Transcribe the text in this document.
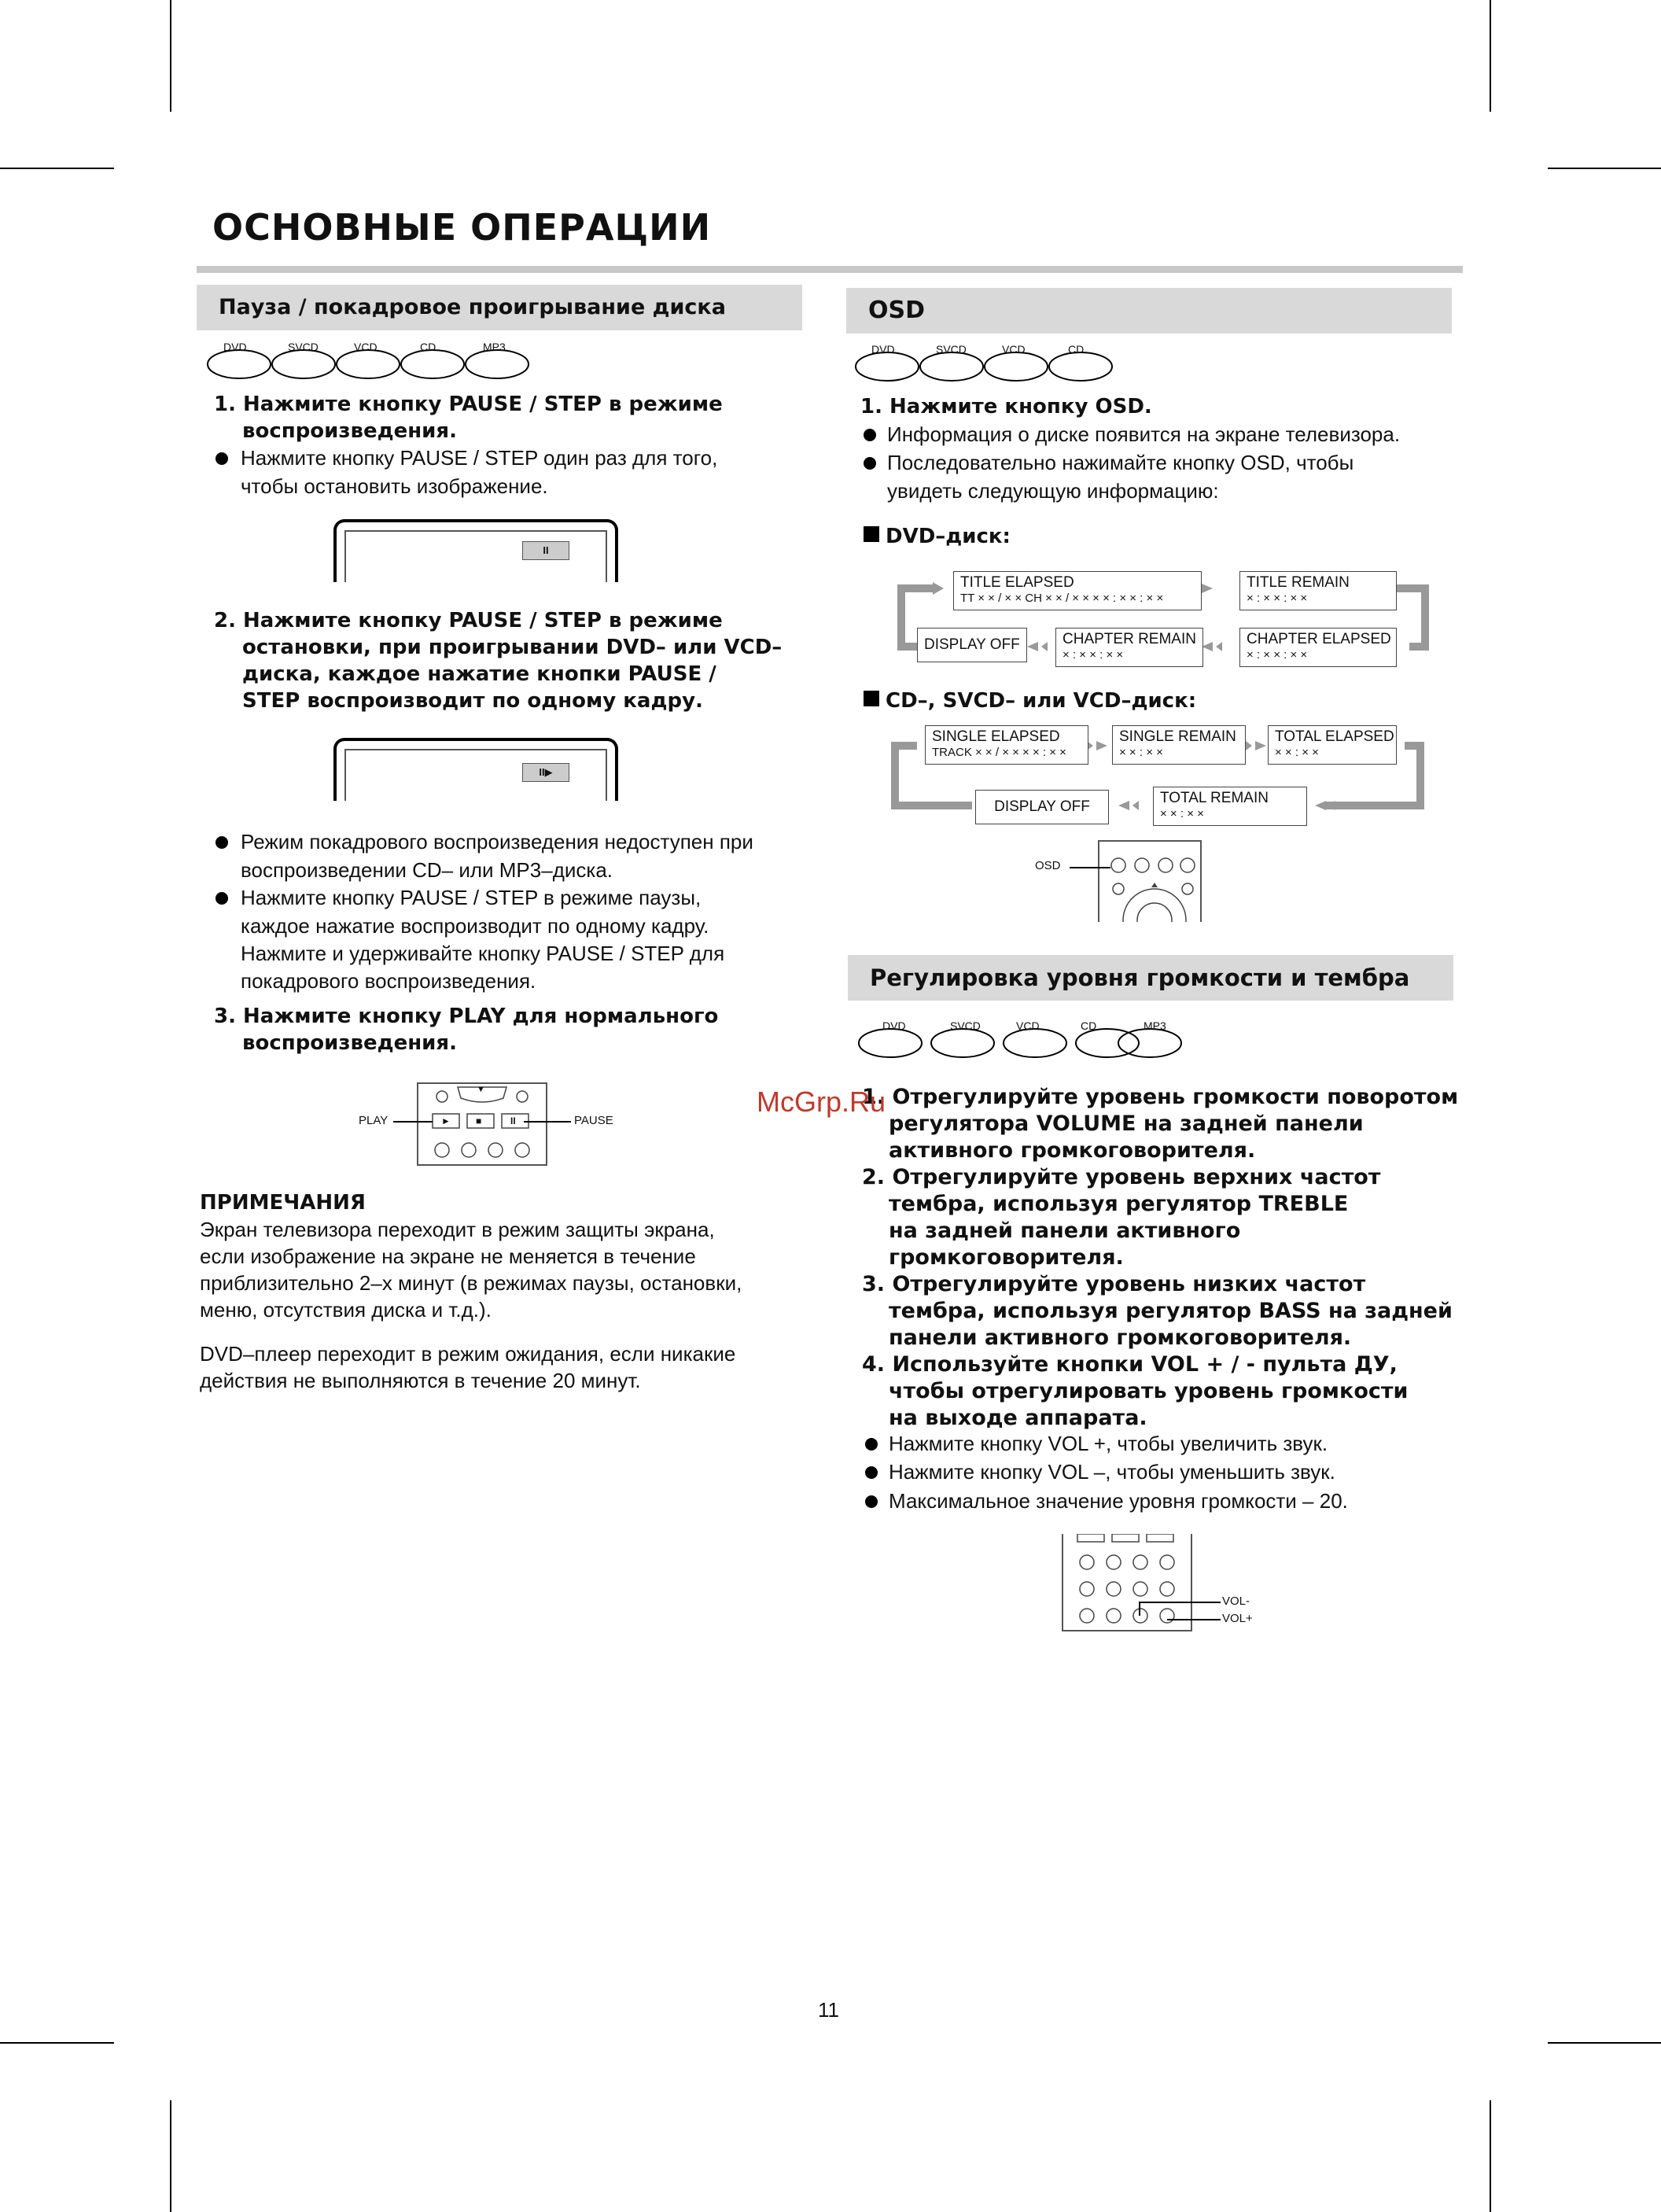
ОСНОВНЫЕ ОПЕРАЦИИ
Пауза / покадровое проигрывание диска
DVD	SVCD	VCD	CD	MP3
1. Нажмите кнопку PAUSE / STEP в режиме
воспроизведения.
Нажмите кнопку PAUSE / STEP один раз для того,
чтобы остановить изображение.
II
2. Нажмите кнопку PAUSE / STEP в режиме
остановки, при проигрывании DVD– или VCD–
диска, каждое нажатие кнопки PAUSE /
STEP воспроизводит по одному кадру.
II▶
Режим покадрового воспроизведения недоступен при
воспроизведении CD– или MP3–диска.
Нажмите кнопку PAUSE / STEP в режиме паузы,
каждое нажатие воспроизводит по одному кадру.
Нажмите и удерживайте кнопку PAUSE / STEP для
покадрового воспроизведения.
3. Нажмите кнопку PLAY для нормального
воспроизведения.
▼
►	■	II
PLAY	PAUSE
ПРИМЕЧАНИЯ
Экран телевизора переходит в режим защиты экрана,
если изображение на экране не меняется в течение
приблизительно 2–х минут (в режимах паузы, остановки,
меню, отсутствия диска и т.д.).
DVD–плеер переходит в режим ожидания, если никакие
действия не выполняются в течение 20 минут.
OSD
DVD	SVCD	VCD	CD
1. Нажмите кнопку OSD.
Информация о диске появится на экране телевизора.
Последовательно нажимайте кнопку OSD, чтобы
увидеть следующую информацию:
DVD–диск:
TITLE ELAPSED
TT × × / × × CH × × / × × × × : × × : × ×
TITLE REMAIN
× : × × : × ×
DISPLAY OFF	CHAPTER REMAIN
× : × × : × ×
CHAPTER ELAPSED
× : × × : × ×
CD–, SVCD– или VCD–диск:
SINGLE ELAPSED
TRACK × × / × × × × : × ×
SINGLE REMAIN
× × : × ×
TOTAL ELAPSED
× × : × ×
DISPLAY OFF
TOTAL REMAIN
× × : × ×
OSD
Регулировка уровня громкости и тембра
DVD	SVCD	VCD	CD	MP3
1. Отрегулируйте уровень громкости поворотом
регулятора VOLUME на задней панели
активного громкоговорителя.
2. Отрегулируйте уровень верхних частот
тембра, используя регулятор TREBLE
на задней панели активного
громкоговорителя.
3. Отрегулируйте уровень низких частот
тембра, используя регулятор BASS на задней
панели активного громкоговорителя.
4. Используйте кнопки VOL + / - пульта ДУ,
чтобы отрегулировать уровень громкости
на выходе аппарата.
Нажмите кнопку VOL +, чтобы увеличить звук.
Нажмите кнопку VOL –, чтобы уменьшить звук.
Максимальное значение уровня громкости – 20.
VOL-
VOL+
McGrp.Ru
11
